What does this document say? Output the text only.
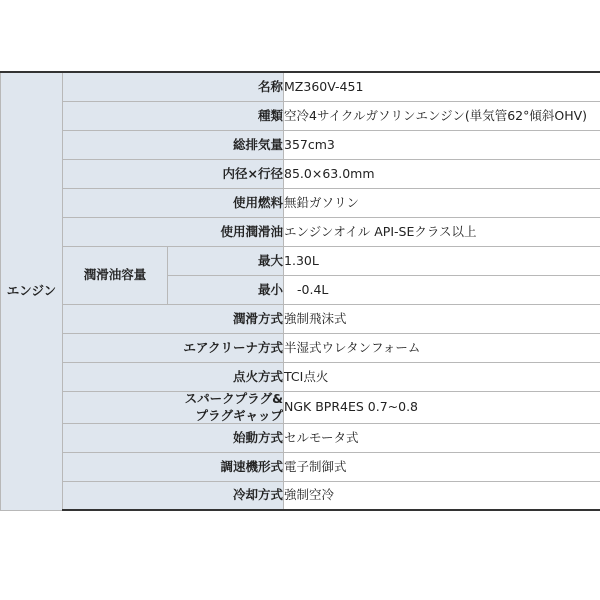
エンジン	名称		MZ360V-451
	種類		空冷4サイクルガソリンエンジン(単気管62°傾斜OHV)
	総排気量		357cm3
	内径×行径		85.0×63.0mm
	使用燃料		無鉛ガソリン
	使用潤滑油		エンジンオイル API-SEクラス以上
	潤滑油容量	最大	1.30L
		最小	-0.4L
	潤滑方式		強制飛沫式
	エアクリーナ方式		半湿式ウレタンフォーム
	点火方式		TCI点火

	スパークプラグ&
プラグギャップ		NGK BPR4ES 0.7~0.8
	始動方式		セルモータ式
	調速機形式		電子制御式
	冷却方式		強制空冷
